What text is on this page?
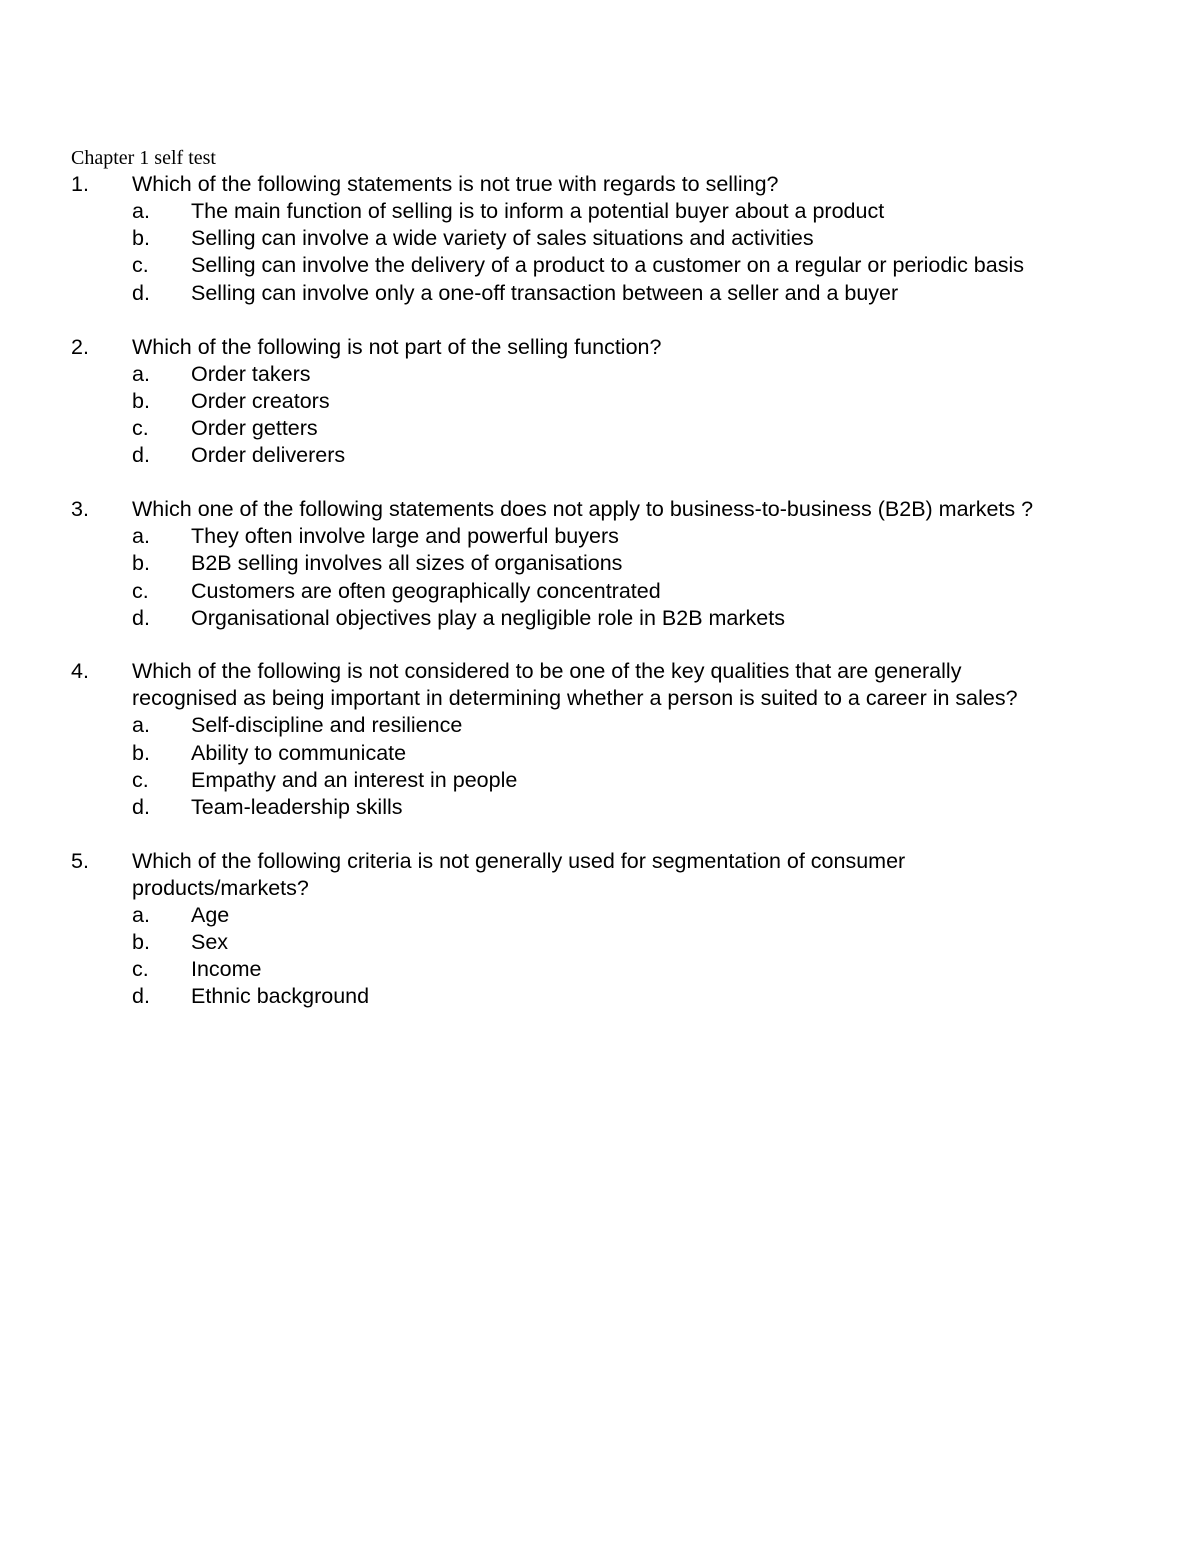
Chapter 1 self test
1. Which of the following statements is not true with regards to selling?
a. The main function of selling is to inform a potential buyer about a product
b. Selling can involve a wide variety of sales situations and activities
c. Selling can involve the delivery of a product to a customer on a regular or periodic basis
d. Selling can involve only a one-off transaction between a seller and a buyer
2. Which of the following is not part of the selling function?
a. Order takers
b. Order creators
c. Order getters
d. Order deliverers
3. Which one of the following statements does not apply to business-to-business (B2B) markets ?
a. They often involve large and powerful buyers
b. B2B selling involves all sizes of organisations
c. Customers are often geographically concentrated
d. Organisational objectives play a negligible role in B2B markets
4. Which of the following is not considered to be one of the key qualities that are generally
recognised as being important in determining whether a person is suited to a career in sales?
a. Self-discipline and resilience
b. Ability to communicate
c. Empathy and an interest in people
d. Team-leadership skills
5. Which of the following criteria is not generally used for segmentation of consumer
products/markets?
a. Age
b. Sex
c. Income
d. Ethnic background
